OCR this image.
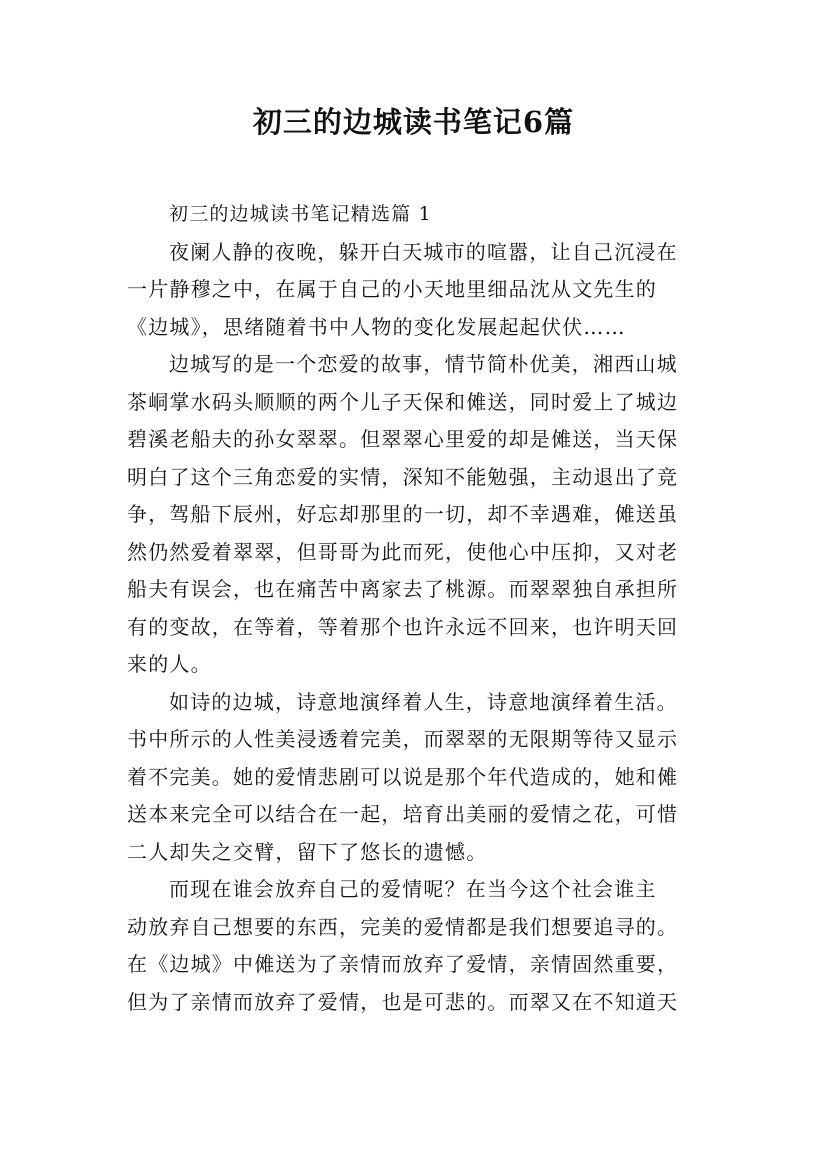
初三的边城读书笔记6篇
初三的边城读书笔记精选篇 1
夜阑人静的夜晚，躲开白天城市的喧嚣，让自己沉浸在
一片静穆之中，在属于自己的小天地里细品沈从文先生的
《边城》，思绪随着书中人物的变化发展起起伏伏……
边城写的是一个恋爱的故事，情节简朴优美，湘西山城
茶峒掌水码头顺顺的两个儿子天保和傩送，同时爱上了城边
碧溪老船夫的孙女翠翠。但翠翠心里爱的却是傩送，当天保
明白了这个三角恋爱的实情，深知不能勉强，主动退出了竞
争，驾船下辰州，好忘却那里的一切，却不幸遇难，傩送虽
然仍然爱着翠翠，但哥哥为此而死，使他心中压抑，又对老
船夫有误会，也在痛苦中离家去了桃源。而翠翠独自承担所
有的变故，在等着，等着那个也许永远不回来，也许明天回
来的人。
如诗的边城，诗意地演绎着人生，诗意地演绎着生活。
书中所示的人性美浸透着完美，而翠翠的无限期等待又显示
着不完美。她的爱情悲剧可以说是那个年代造成的，她和傩
送本来完全可以结合在一起，培育出美丽的爱情之花，可惜
二人却失之交臂，留下了悠长的遗憾。
而现在谁会放弃自己的爱情呢？在当今这个社会谁主
动放弃自己想要的东西，完美的爱情都是我们想要追寻的。
在《边城》中傩送为了亲情而放弃了爱情，亲情固然重要，
但为了亲情而放弃了爱情，也是可悲的。而翠又在不知道天
